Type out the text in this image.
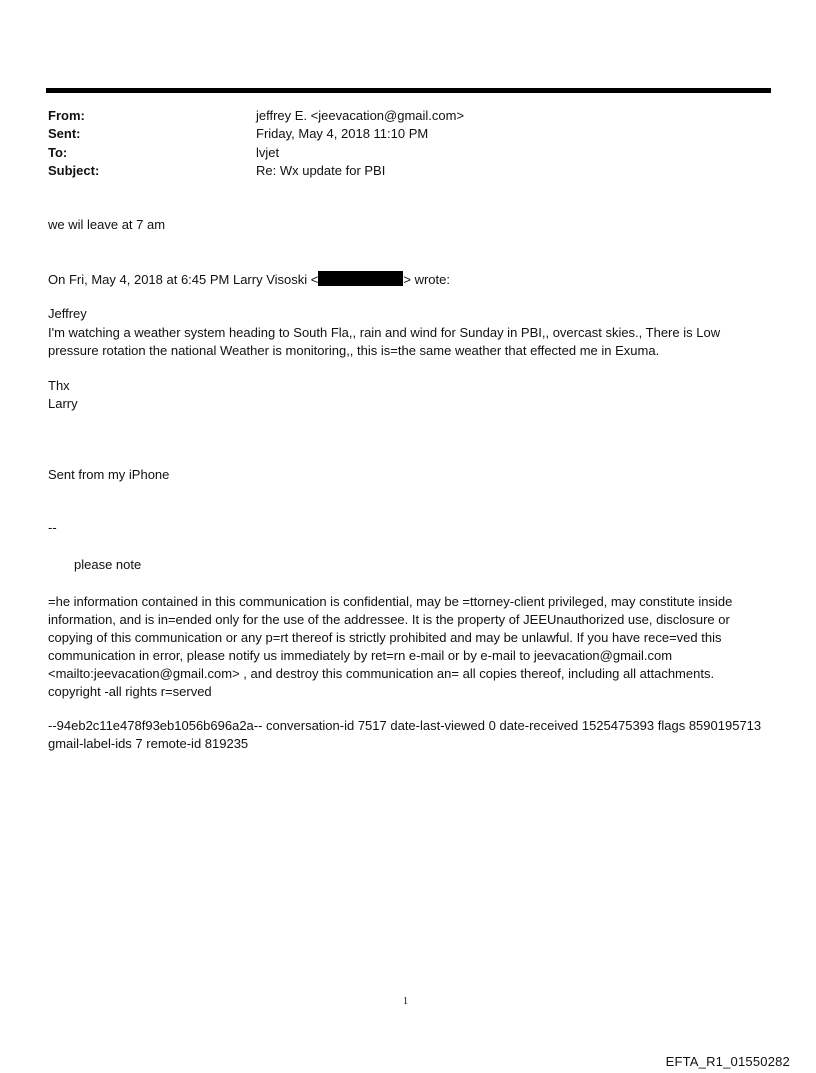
From:	jeffrey E. <jeevacation@gmail.com>
Sent:	Friday, May 4, 2018 11:10 PM
To:	lvjet
Subject:	Re: Wx update for PBI
we wil leave at 7 am
On Fri, May 4, 2018 at 6:45 PM Larry Visoski <	> wrote:
Jeffrey
I'm watching a weather system heading to South Fla,, rain and wind for Sunday in PBI,, overcast skies., There is Low pressure rotation the national Weather is monitoring,, this is=the same weather that effected me in Exuma.
Thx
Larry
Sent from my iPhone
--
please note
=he information contained in this communication is confidential, may be =ttorney-client privileged, may constitute inside information, and is in=ended only for the use of the addressee. It is the property of JEEUnauthorized use, disclosure or copying of this communication or any p=rt thereof is strictly prohibited and may be unlawful. If you have rece=ved this communication in error, please notify us immediately by ret=rn e-mail or by e-mail to jeevacation@gmail.com <mailto:jeevacation@gmail.com> , and destroy this communication an= all copies thereof, including all attachments. copyright -all rights r=served
--94eb2c11e478f93eb1056b696a2a-- conversation-id 7517 date-last-viewed 0 date-received 1525475393 flags 8590195713 gmail-label-ids 7 remote-id 819235
1
EFTA_R1_01550282
